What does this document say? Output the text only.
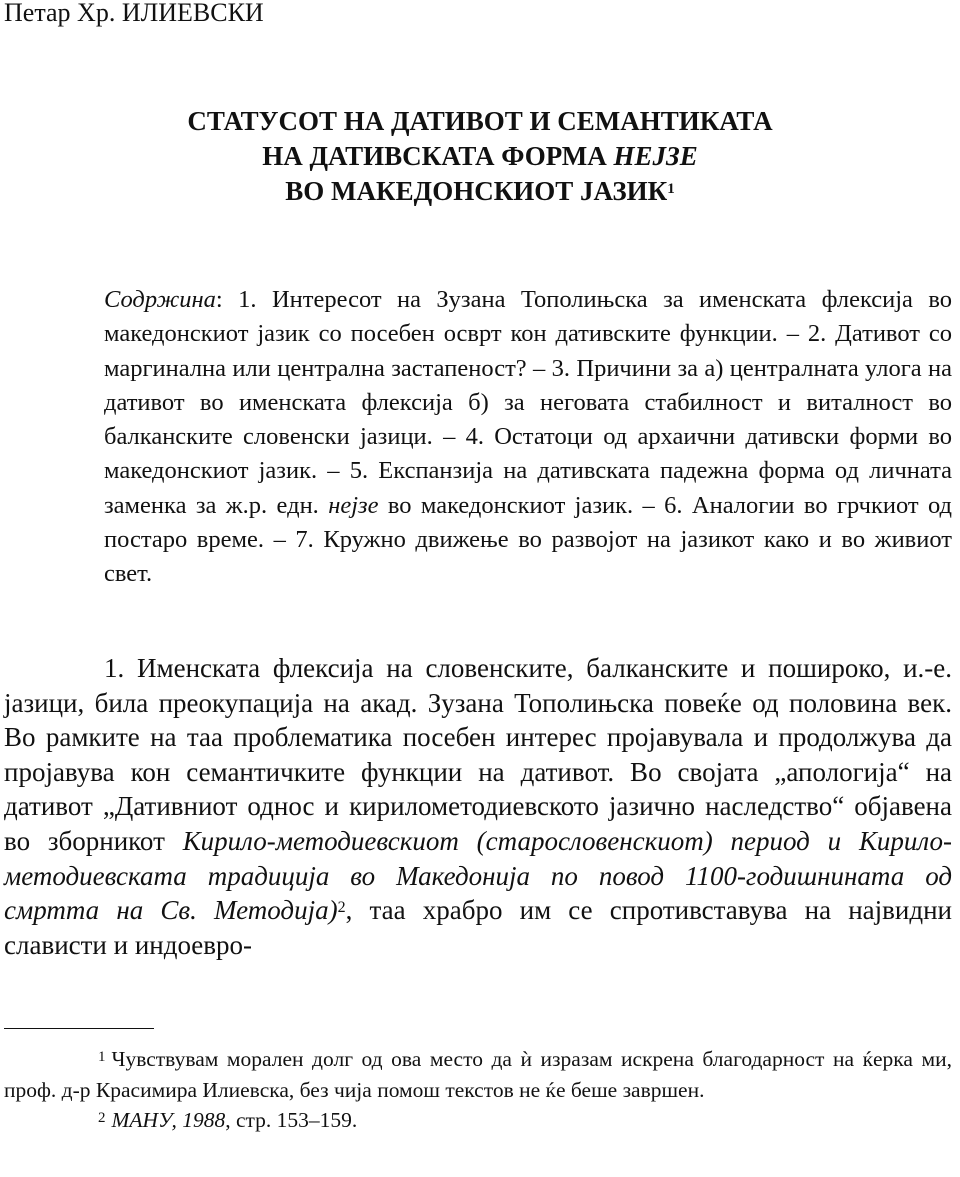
Петар Хр. ИЛИЕВСКИ
СТАТУСОТ НА ДАТИВОТ И СЕМАНТИКАТА
НА ДАТИВСКАТА ФОРМА НЕЈЗЕ
ВО МАКЕДОНСКИОТ ЈАЗИК$^1$

Содржина: 1. Интересот на Зузана Тополињска за именската флексија во македонскиот јазик со посебен осврт кон дативските функции. – 2. Дативот со маргинална или централна застапеност? – 3. Причини за а) централната улога на дативот во именската флексија б) за неговата стабилност и виталност во балканските словенски јазици. – 4. Остатоци од архаични дативски форми во македонскиот јазик. – 5. Експанзија на дативската падежна форма од личната заменка за ж.р. едн. нејзе во македонскиот јазик. – 6. Аналогии во грчкиот од постаро време. – 7. Кружно движење во развојот на јазикот како и во живиот свет.

1. Именската флексија на словенските, балканските и пошироко, и.-е. јазици, била преокупација на акад. Зузана Тополињска повеќе од половина век. Во рамките на таа проблематика посебен интерес пројавувала и продолжува да пројавува кон семантичките функции на дативот. Во својата „апологија“ на дативот „Дативниот однос и кирилометодиевското јазично наследство“ објавена во зборникот Кирило-методиевскиот (старословенскиот) период и Кирило-методиевската традиција во Македонија по повод 1100-годишнината од смртта на Св. Методија)$^2$, таа храбро им се спротивставува на највидни слависти и индоевро-

$^1$ Чувствувам морален долг од ова место да ѝ изразам искрена благодарност на ќерка ми, проф. д-р Красимира Илиевска, без чија помош текстов не ќе беше завршен.

$^2$ МАНУ, 1988, стр. 153–159.
